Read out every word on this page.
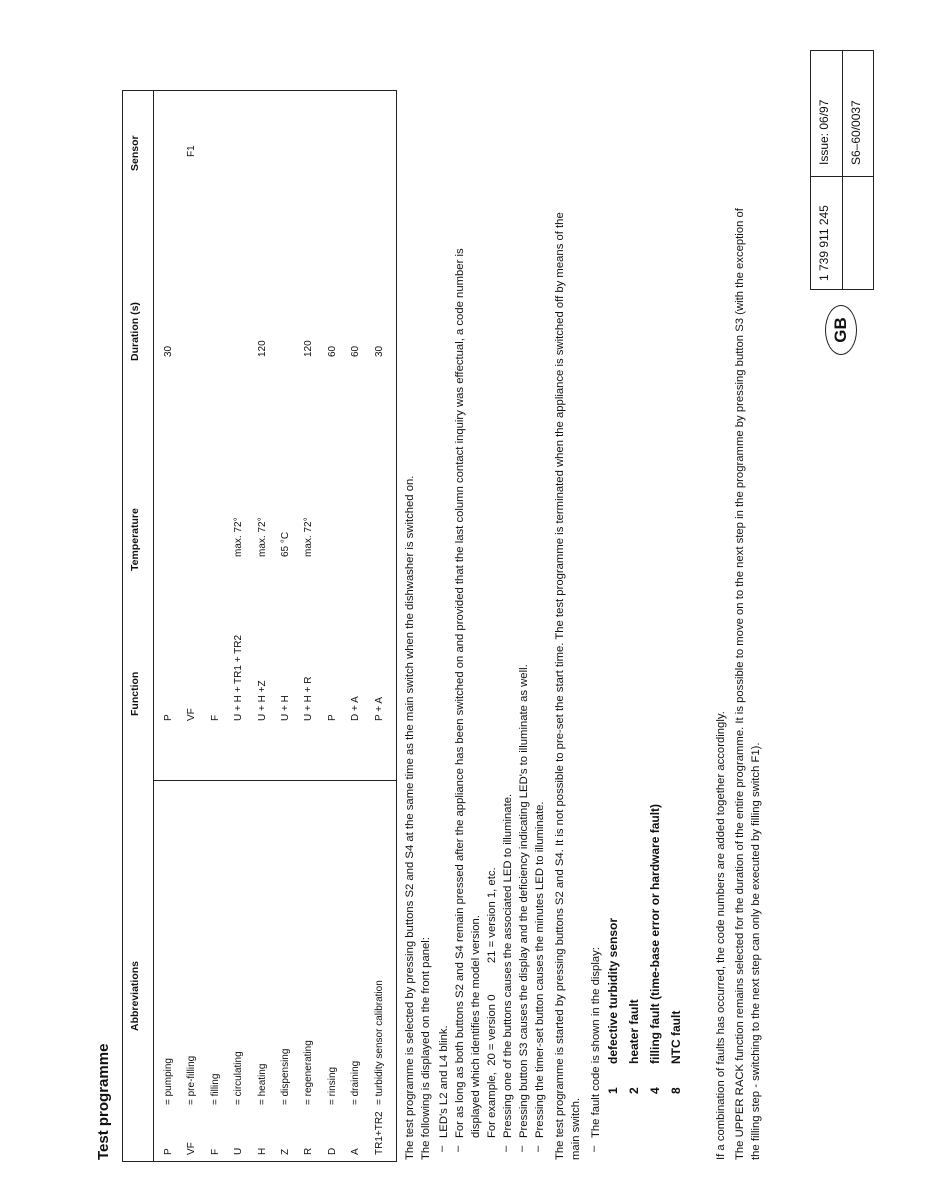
Test programme
Abbreviations
Function
Temperature
Duration (s)
Sensor
P
= pumping
P
30
VF
= pre-filling
VF
F1
F
= filling
F
U
= circulating
U + H + TR1 + TR2
max. 72°
H
= heating
U + H +Z
max. 72°
120
Z
= dispensing
U + H
65 °C
R
= regenerating
U + H + R
max. 72°
120
D
= rinsing
P
60
A
= draining
D + A
60
TR1+TR2
= turbidity sensor calibration
P + A
30
The test programme is selected by pressing buttons S2 and S4 at the same time as the main switch when the dishwasher is switched on. The following is displayed on the front panel: –
LED's L2 and L4 blink.
–
For as long as both buttons S2 and S4 remain pressed after the appliance has been switched on and provided that the last column contact inquiry was effectual, a code number is displayed which identifies the model version. For example,  20 = version 0          21 = version 1, etc.
–
Pressing one of the buttons causes the associated LED to illuminate.
–
Pressing button S3 causes the display and the deficiency indicating LED's to illuminate as well.
–
Pressing the timer-set button causes the minutes LED to illuminate. The test programme is started by pressing buttons S2 and S4. It is not possible to pre-set the start time. The test programme is terminated when the appliance is switched off by means of the main switch. –
The fault code is shown in the display: 1
defective turbidity sensor
2
heater fault
4
filling fault (time-base error or hardware fault)
8
NTC fault	If a combination of faults has occurred, the code numbers are added together accordingly. The UPPER RACK function remains selected for the duration of the entire programme. It is possible to move on to the next step in the programme by pressing button S3 (with the exception of the filling step - switching to the next step can only be executed by filling switch F1).
GB
1 739 911 245
Issue: 06/97	S6–60/0037
